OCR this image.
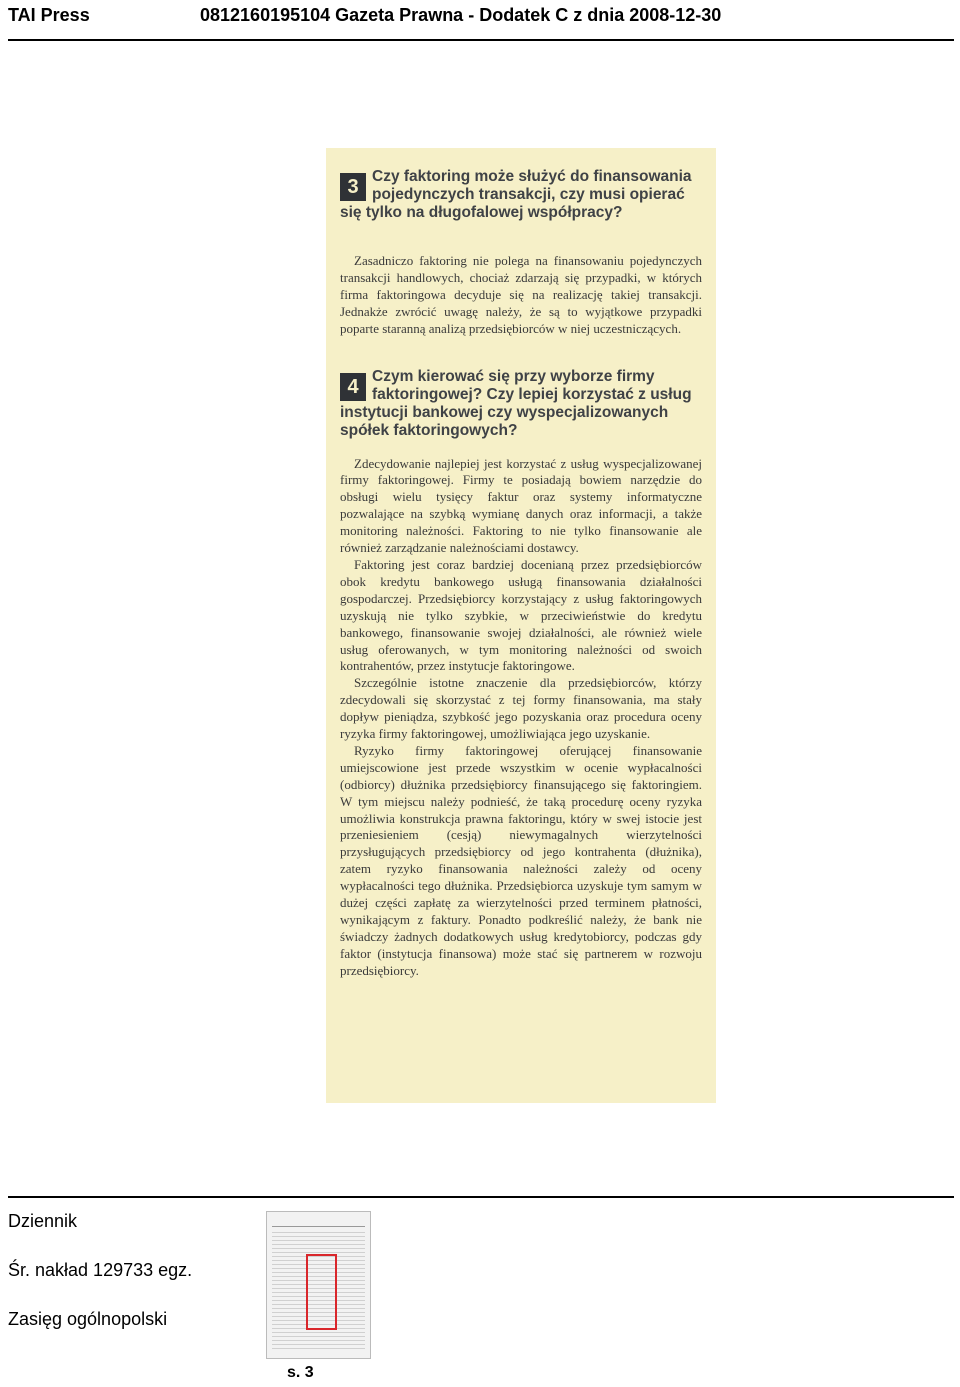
TAI Press	0812160195104 Gazeta Prawna - Dodatek C z dnia 2008-12-30

3 Czy faktoring może służyć do finansowania pojedynczych transakcji, czy musi opierać się tylko na długofalowej współpracy?

Zasadniczo faktoring nie polega na finansowaniu pojedynczych transakcji handlowych, chociaż zdarzają się przypadki, w których firma faktoringowa decyduje się na realizację takiej transakcji. Jednakże zwrócić uwagę należy, że są to wyjątkowe przypadki poparte staranną analizą przedsiębiorców w niej uczestniczących.

4 Czym kierować się przy wyborze firmy faktoringowej? Czy lepiej korzystać z usług instytucji bankowej czy wyspecjalizowanych spółek faktoringowych?

Zdecydowanie najlepiej jest korzystać z usług wyspecjalizowanej firmy faktoringowej. Firmy te posiadają bowiem narzędzie do obsługi wielu tysięcy faktur oraz systemy informatyczne pozwalające na szybką wymianę danych oraz informacji, a także monitoring należności. Faktoring to nie tylko finansowanie ale również zarządzanie należnościami dostawcy.

Faktoring jest coraz bardziej docenianą przez przedsiębiorców obok kredytu bankowego usługą finansowania działalności gospodarczej. Przedsiębiorcy korzystający z usług faktoringowych uzyskują nie tylko szybkie, w przeciwieństwie do kredytu bankowego, finansowanie swojej działalności, ale również wiele usług oferowanych, w tym monitoring należności od swoich kontrahentów, przez instytucje faktoringowe.

Szczególnie istotne znaczenie dla przedsiębiorców, którzy zdecydowali się skorzystać z tej formy finansowania, ma stały dopływ pieniądza, szybkość jego pozyskania oraz procedura oceny ryzyka firmy faktoringowej, umożliwiająca jego uzyskanie.

Ryzyko firmy faktoringowej oferującej finansowanie umiejscowione jest przede wszystkim w ocenie wypłacalności (odbiorcy) dłużnika przedsiębiorcy finansującego się faktoringiem. W tym miejscu należy podnieść, że taką procedurę oceny ryzyka umożliwia konstrukcja prawna faktoringu, który w swej istocie jest przeniesieniem (cesją) niewymagalnych wierzytelności przysługujących przedsiębiorcy od jego kontrahenta (dłużnika), zatem ryzyko finansowania należności zależy od oceny wypłacalności tego dłużnika. Przedsiębiorca uzyskuje tym samym w dużej części zapłatę za wierzytelności przed terminem płatności, wynikającym z faktury. Ponadto podkreślić należy, że bank nie świadczy żadnych dodatkowych usług kredytobiorcy, podczas gdy faktor (instytucja finansowa) może stać się partnerem w rozwoju przedsiębiorcy.

Dziennik
Śr. nakład 129733 egz.
Zasięg ogólnopolski
s. 3
